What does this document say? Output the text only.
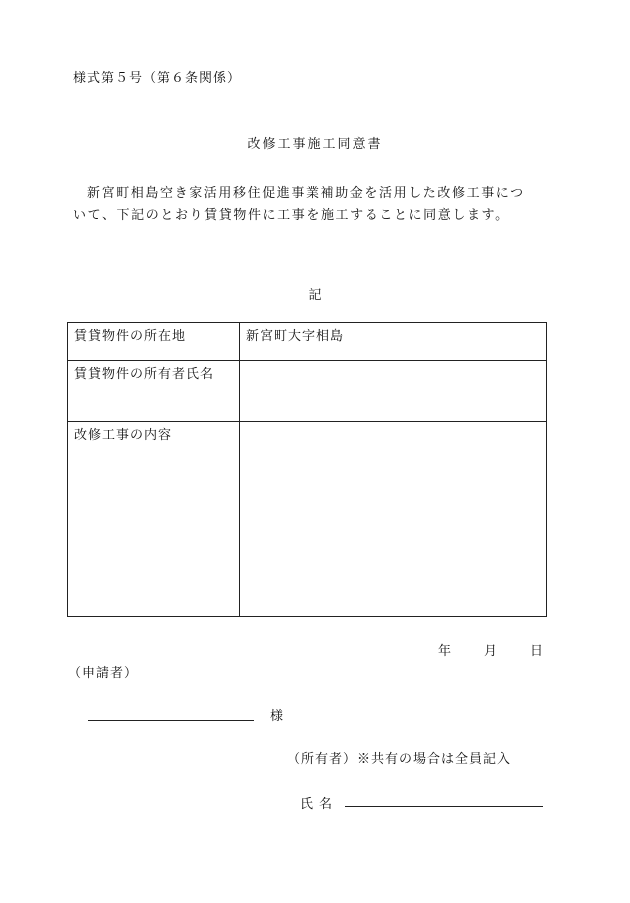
様式第５号（第６条関係）
改修工事施工同意書

新宮町相島空き家活用移住促進事業補助金を活用した改修工事につ

いて、下記のとおり賃貸物件に工事を施工することに同意します。

記
賃貸物件の所在地	新宮町大字相島
賃貸物件の所有者氏名	
改修工事の内容	
年 月 日
（申請者）
様
（所有者）※共有の場合は全員記入
氏名
